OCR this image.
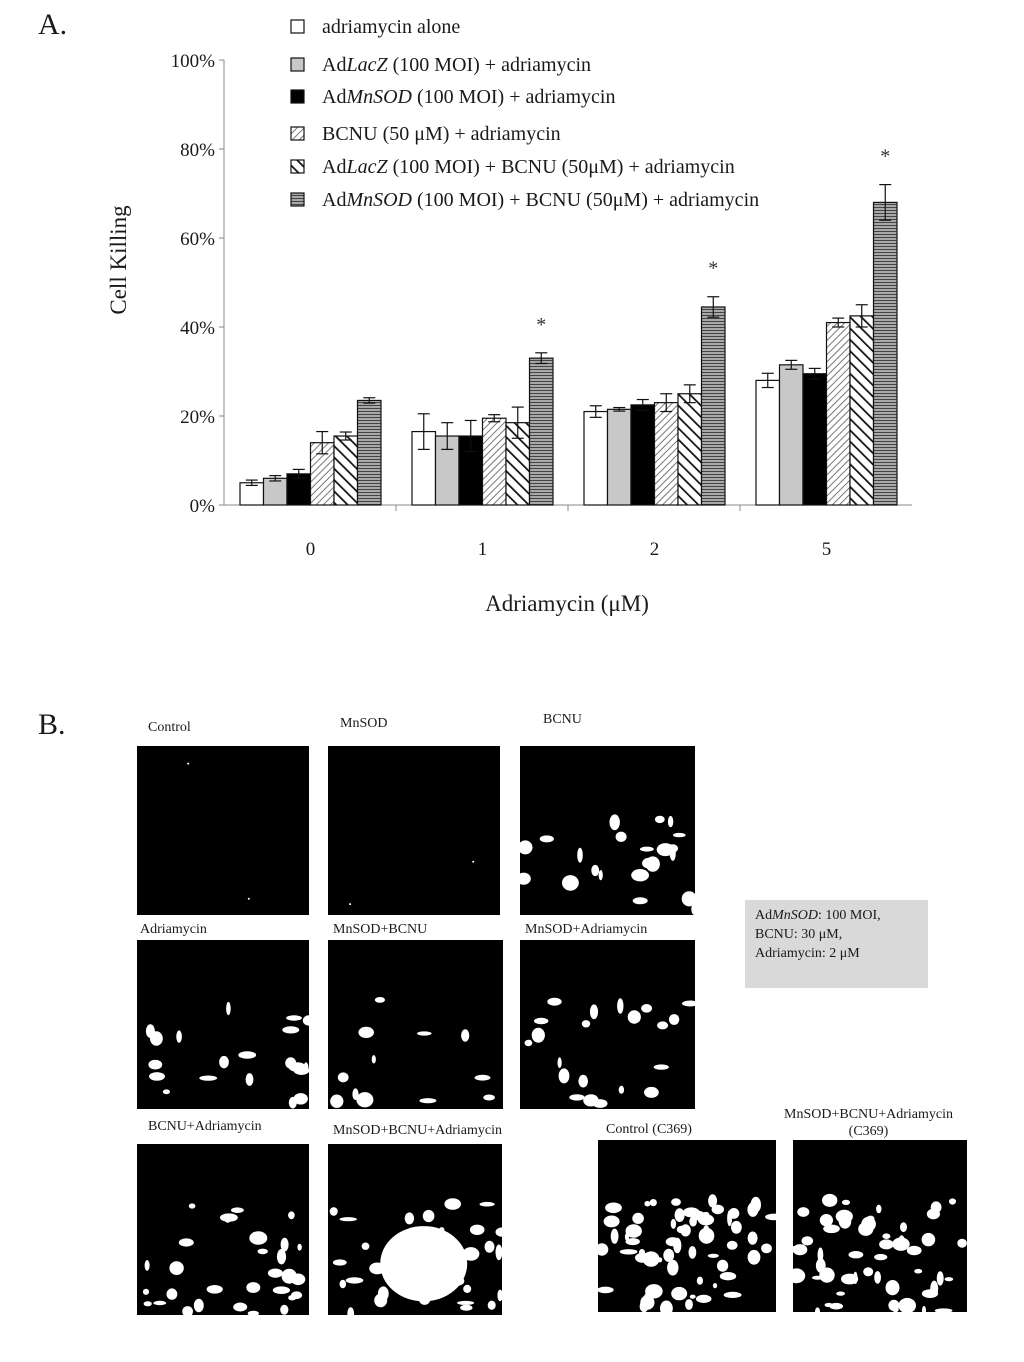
A.
B.
0%
20%
40%
60%
80%
100%
Cell Killing
Adriamycin (μM)
0	1	2	5
*
*
*
adriamycin alone
AdLacZ (100 MOI) + adriamycin
AdMnSOD (100 MOI) + adriamycin
BCNU (50 μM) + adriamycin
AdLacZ (100 MOI) + BCNU (50μM) + adriamycin
AdMnSOD (100 MOI) + BCNU (50μM) + adriamycin
Control	MnSOD	BCNU
Adriamycin	MnSOD+BCNU	MnSOD+Adriamycin
AdMnSOD: 100 MOI,
BCNU: 30 μM,
Adriamycin: 2 μM
BCNU+Adriamycin	MnSOD+BCNU+Adriamycin	Control (C369)
MnSOD+BCNU+Adriamycin
(C369)
